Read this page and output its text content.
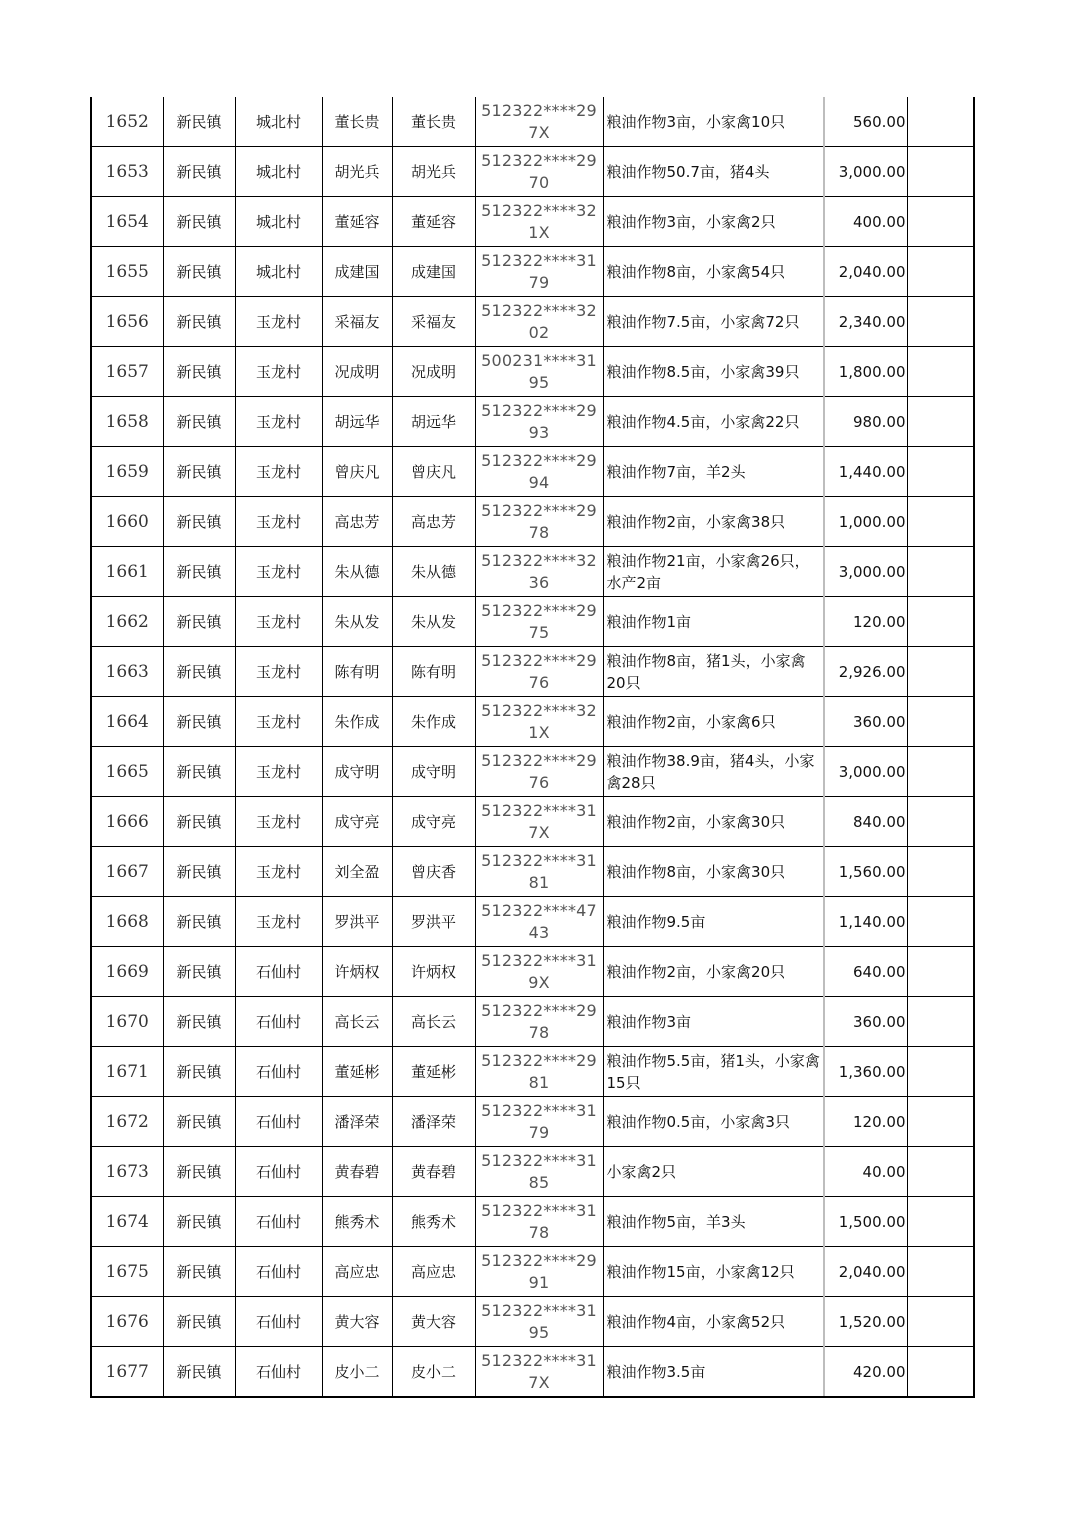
1652	新民镇	城北村	董长贵	董长贵	512322****297X	粮油作物3亩，小家禽10只	560.00	
1653	新民镇	城北村	胡光兵	胡光兵	512322****2970	粮油作物50.7亩，猪4头	3,000.00	
1654	新民镇	城北村	董延容	董延容	512322****321X	粮油作物3亩，小家禽2只	400.00	
1655	新民镇	城北村	成建国	成建国	512322****3179	粮油作物8亩，小家禽54只	2,040.00	
1656	新民镇	玉龙村	采福友	采福友	512322****3202	粮油作物7.5亩，小家禽72只	2,340.00	
1657	新民镇	玉龙村	况成明	况成明	500231****3195	粮油作物8.5亩，小家禽39只	1,800.00	
1658	新民镇	玉龙村	胡远华	胡远华	512322****2993	粮油作物4.5亩，小家禽22只	980.00	
1659	新民镇	玉龙村	曾庆凡	曾庆凡	512322****2994	粮油作物7亩，羊2头	1,440.00	
1660	新民镇	玉龙村	高忠芳	高忠芳	512322****2978	粮油作物2亩，小家禽38只	1,000.00	
1661	新民镇	玉龙村	朱从德	朱从德	512322****3236	粮油作物21亩，小家禽26只，水产2亩	3,000.00	
1662	新民镇	玉龙村	朱从发	朱从发	512322****2975	粮油作物1亩	120.00	
1663	新民镇	玉龙村	陈有明	陈有明	512322****2976	粮油作物8亩，猪1头，小家禽20只	2,926.00	
1664	新民镇	玉龙村	朱作成	朱作成	512322****321X	粮油作物2亩，小家禽6只	360.00	
1665	新民镇	玉龙村	成守明	成守明	512322****2976	粮油作物38.9亩，猪4头，小家禽28只	3,000.00	
1666	新民镇	玉龙村	成守亮	成守亮	512322****317X	粮油作物2亩，小家禽30只	840.00	
1667	新民镇	玉龙村	刘全盈	曾庆香	512322****3181	粮油作物8亩，小家禽30只	1,560.00	
1668	新民镇	玉龙村	罗洪平	罗洪平	512322****4743	粮油作物9.5亩	1,140.00	
1669	新民镇	石仙村	许炳权	许炳权	512322****319X	粮油作物2亩，小家禽20只	640.00	
1670	新民镇	石仙村	高长云	高长云	512322****2978	粮油作物3亩	360.00	
1671	新民镇	石仙村	董延彬	董延彬	512322****2981	粮油作物5.5亩，猪1头，小家禽15只	1,360.00	
1672	新民镇	石仙村	潘泽荣	潘泽荣	512322****3179	粮油作物0.5亩，小家禽3只	120.00	
1673	新民镇	石仙村	黄春碧	黄春碧	512322****3185	小家禽2只	40.00	
1674	新民镇	石仙村	熊秀术	熊秀术	512322****3178	粮油作物5亩，羊3头	1,500.00	
1675	新民镇	石仙村	高应忠	高应忠	512322****2991	粮油作物15亩，小家禽12只	2,040.00	
1676	新民镇	石仙村	黄大容	黄大容	512322****3195	粮油作物4亩，小家禽52只	1,520.00	
1677	新民镇	石仙村	皮小二	皮小二	512322****317X	粮油作物3.5亩	420.00	
